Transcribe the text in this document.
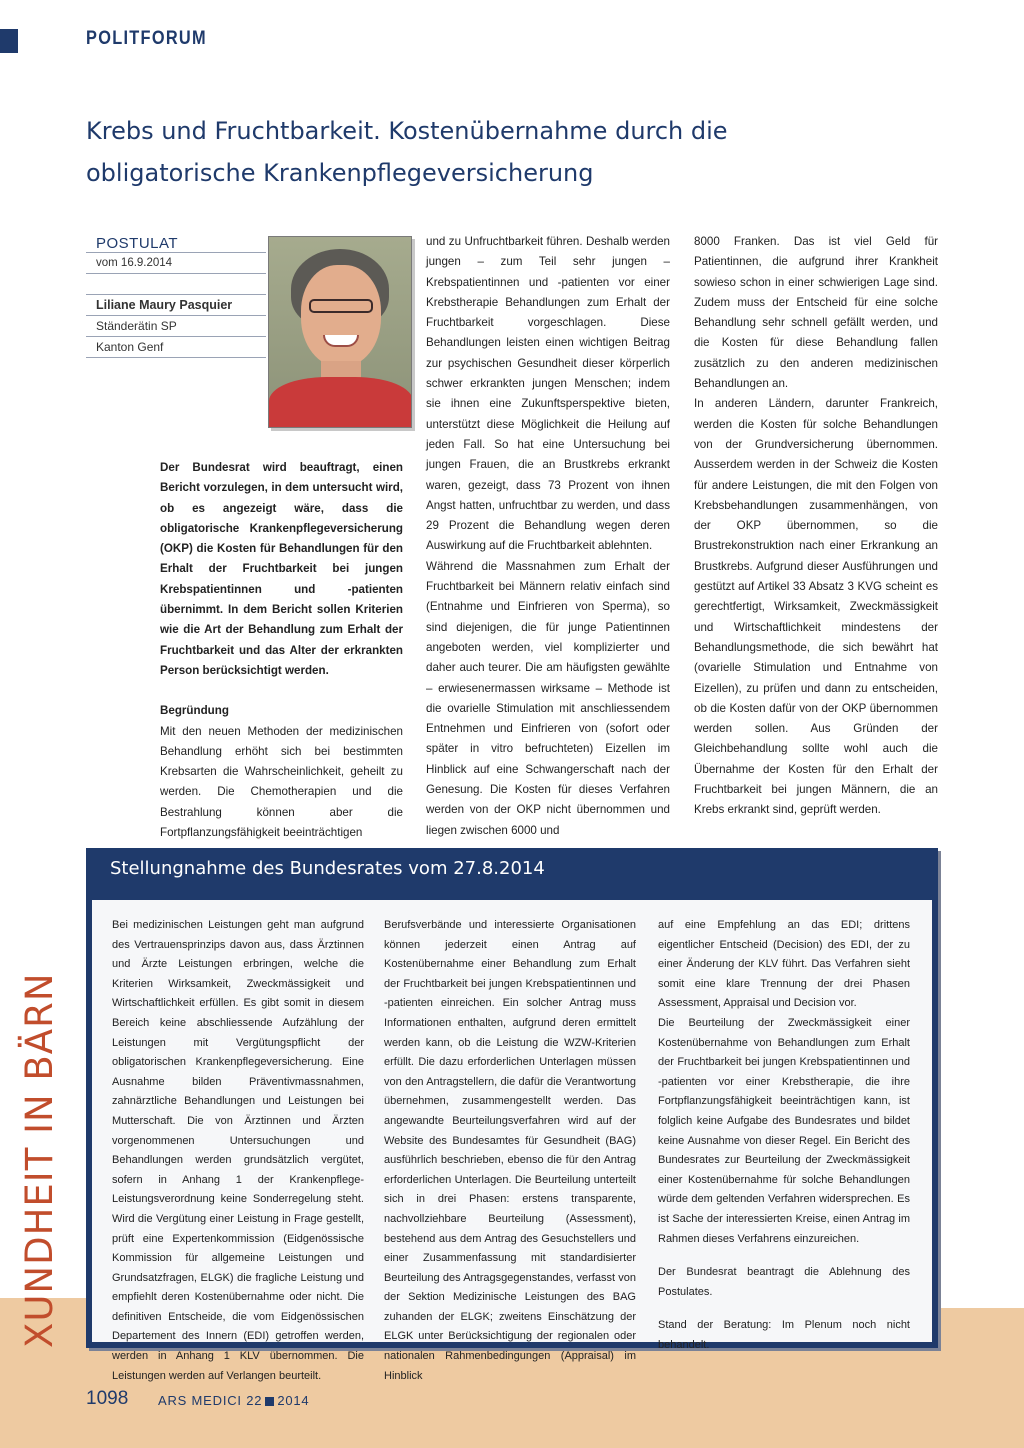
POLITFORUM
Krebs und Fruchtbarkeit. Kostenübernahme durch die
obligatorische Krankenpflegeversicherung
POSTULAT
vom 16.9.2014
Liliane Maury Pasquier
Ständerätin SP
Kanton Genf

Der Bundesrat wird beauftragt, einen Bericht vorzulegen, in dem untersucht wird, ob es angezeigt wäre, dass die obligatorische Krankenpflegeversicherung (OKP) die Kosten für Behandlungen für den Erhalt der Fruchtbarkeit bei jungen Krebspatientinnen und -patienten übernimmt. In dem Bericht sollen Kriterien wie die Art der Behandlung zum Erhalt der Fruchtbarkeit und das Alter der erkrankten Person berücksichtigt werden.

Begründung

Mit den neuen Methoden der medizinischen Behandlung erhöht sich bei bestimmten Krebsarten die Wahrscheinlichkeit, geheilt zu werden. Die Chemotherapien und die Bestrahlung können aber die Fortpflanzungsfähigkeit beeinträchtigen

und zu Unfruchtbarkeit führen. Deshalb werden jungen – zum Teil sehr jungen – Krebspatientinnen und -patienten vor einer Krebstherapie Behandlungen zum Erhalt der Fruchtbarkeit vorgeschlagen. Diese Behandlungen leisten einen wichtigen Beitrag zur psychischen Gesundheit dieser körperlich schwer erkrankten jungen Menschen; indem sie ihnen eine Zukunftsperspektive bieten, unterstützt diese Möglichkeit die Heilung auf jeden Fall. So hat eine Untersuchung bei jungen Frauen, die an Brustkrebs erkrankt waren, gezeigt, dass 73 Prozent von ihnen Angst hatten, unfruchtbar zu werden, und dass 29 Prozent die Behandlung wegen deren Auswirkung auf die Fruchtbarkeit ablehnten.

Während die Massnahmen zum Erhalt der Fruchtbarkeit bei Männern relativ einfach sind (Entnahme und Einfrieren von Sperma), so sind diejenigen, die für junge Patientinnen angeboten werden, viel komplizierter und daher auch teurer. Die am häufigsten gewählte – erwiesenermassen wirksame – Methode ist die ovarielle Stimulation mit anschliessendem Entnehmen und Einfrieren von (sofort oder später in vitro befruchteten) Eizellen im Hinblick auf eine Schwangerschaft nach der Genesung. Die Kosten für dieses Verfahren werden von der OKP nicht übernommen und liegen zwischen 6000 und

8000 Franken. Das ist viel Geld für Patientinnen, die aufgrund ihrer Krankheit sowieso schon in einer schwierigen Lage sind. Zudem muss der Entscheid für eine solche Behandlung sehr schnell gefällt werden, und die Kosten für diese Behandlung fallen zusätzlich zu den anderen medizinischen Behandlungen an.

In anderen Ländern, darunter Frankreich, werden die Kosten für solche Behandlungen von der Grundversicherung übernommen. Ausserdem werden in der Schweiz die Kosten für andere Leistungen, die mit den Folgen von Krebsbehandlungen zusammenhängen, von der OKP übernommen, so die Brustrekonstruktion nach einer Erkrankung an Brustkrebs. Aufgrund dieser Ausführungen und gestützt auf Artikel 33 Absatz 3 KVG scheint es gerechtfertigt, Wirksamkeit, Zweckmässigkeit und Wirtschaftlichkeit mindestens der Behandlungsmethode, die sich bewährt hat (ovarielle Stimulation und Entnahme von Eizellen), zu prüfen und dann zu entscheiden, ob die Kosten dafür von der OKP übernommen werden sollen. Aus Gründen der Gleichbehandlung sollte wohl auch die Übernahme der Kosten für den Erhalt der Fruchtbarkeit bei jungen Männern, die an Krebs erkrankt sind, geprüft werden.

Stellungnahme des Bundesrates vom 27.8.2014

Bei medizinischen Leistungen geht man aufgrund des Vertrauensprinzips davon aus, dass Ärztinnen und Ärzte Leistungen erbringen, welche die Kriterien Wirksamkeit, Zweckmässigkeit und Wirtschaftlichkeit erfüllen. Es gibt somit in diesem Bereich keine abschliessende Aufzählung der Leistungen mit Vergütungspflicht der obligatorischen Krankenpflegeversicherung. Eine Ausnahme bilden Präventivmassnahmen, zahnärztliche Behandlungen und Leistungen bei Mutterschaft. Die von Ärztinnen und Ärzten vorgenommenen Untersuchungen und Behandlungen werden grundsätzlich vergütet, sofern in Anhang 1 der Krankenpflege-Leistungsverordnung keine Sonderregelung steht. Wird die Vergütung einer Leistung in Frage gestellt, prüft eine Expertenkommission (Eidgenössische Kommission für allgemeine Leistungen und Grundsatzfragen, ELGK) die fragliche Leistung und empfiehlt deren Kostenübernahme oder nicht. Die definitiven Entscheide, die vom Eidgenössischen Departement des Innern (EDI) getroffen werden, werden in Anhang 1 KLV übernommen. Die Leistungen werden auf Verlangen beurteilt.

Berufsverbände und interessierte Organisationen können jederzeit einen Antrag auf Kostenübernahme einer Behandlung zum Erhalt der Fruchtbarkeit bei jungen Krebspatientinnen und -patienten einreichen. Ein solcher Antrag muss Informationen enthalten, aufgrund deren ermittelt werden kann, ob die Leistung die WZW-Kriterien erfüllt. Die dazu erforderlichen Unterlagen müssen von den Antragstellern, die dafür die Verantwortung übernehmen, zusammengestellt werden. Das angewandte Beurteilungsverfahren wird auf der Website des Bundesamtes für Gesundheit (BAG) ausführlich beschrieben, ebenso die für den Antrag erforderlichen Unterlagen. Die Beurteilung unterteilt sich in drei Phasen: erstens transparente, nachvollziehbare Beurteilung (Assessment), bestehend aus dem Antrag des Gesuchstellers und einer Zusammenfassung mit standardisierter Beurteilung des Antragsgegenstandes, verfasst von der Sektion Medizinische Leistungen des BAG zuhanden der ELGK; zweitens Einschätzung der ELGK unter Berücksichtigung der regionalen oder nationalen Rahmenbedingungen (Appraisal) im Hinblick

auf eine Empfehlung an das EDI; drittens eigentlicher Entscheid (Decision) des EDI, der zu einer Änderung der KLV führt. Das Verfahren sieht somit eine klare Trennung der drei Phasen Assessment, Appraisal und Decision vor.

Die Beurteilung der Zweckmässigkeit einer Kostenübernahme von Behandlungen zum Erhalt der Fruchtbarkeit bei jungen Krebspatientinnen und -patienten vor einer Krebstherapie, die ihre Fortpflanzungsfähigkeit beeinträchtigen kann, ist folglich keine Aufgabe des Bundesrates und bildet keine Ausnahme von dieser Regel. Ein Bericht des Bundesrates zur Beurteilung der Zweckmässigkeit einer Kostenübernahme für solche Behandlungen würde dem geltenden Verfahren widersprechen. Es ist Sache der interessierten Kreise, einen Antrag im Rahmen dieses Verfahrens einzureichen.

Der Bundesrat beantragt die Ablehnung des Postulates.

Stand der Beratung: Im Plenum noch nicht behandelt.

XUNDHEIT IN BÄRN
1098 ARS MEDICI 22 2014
